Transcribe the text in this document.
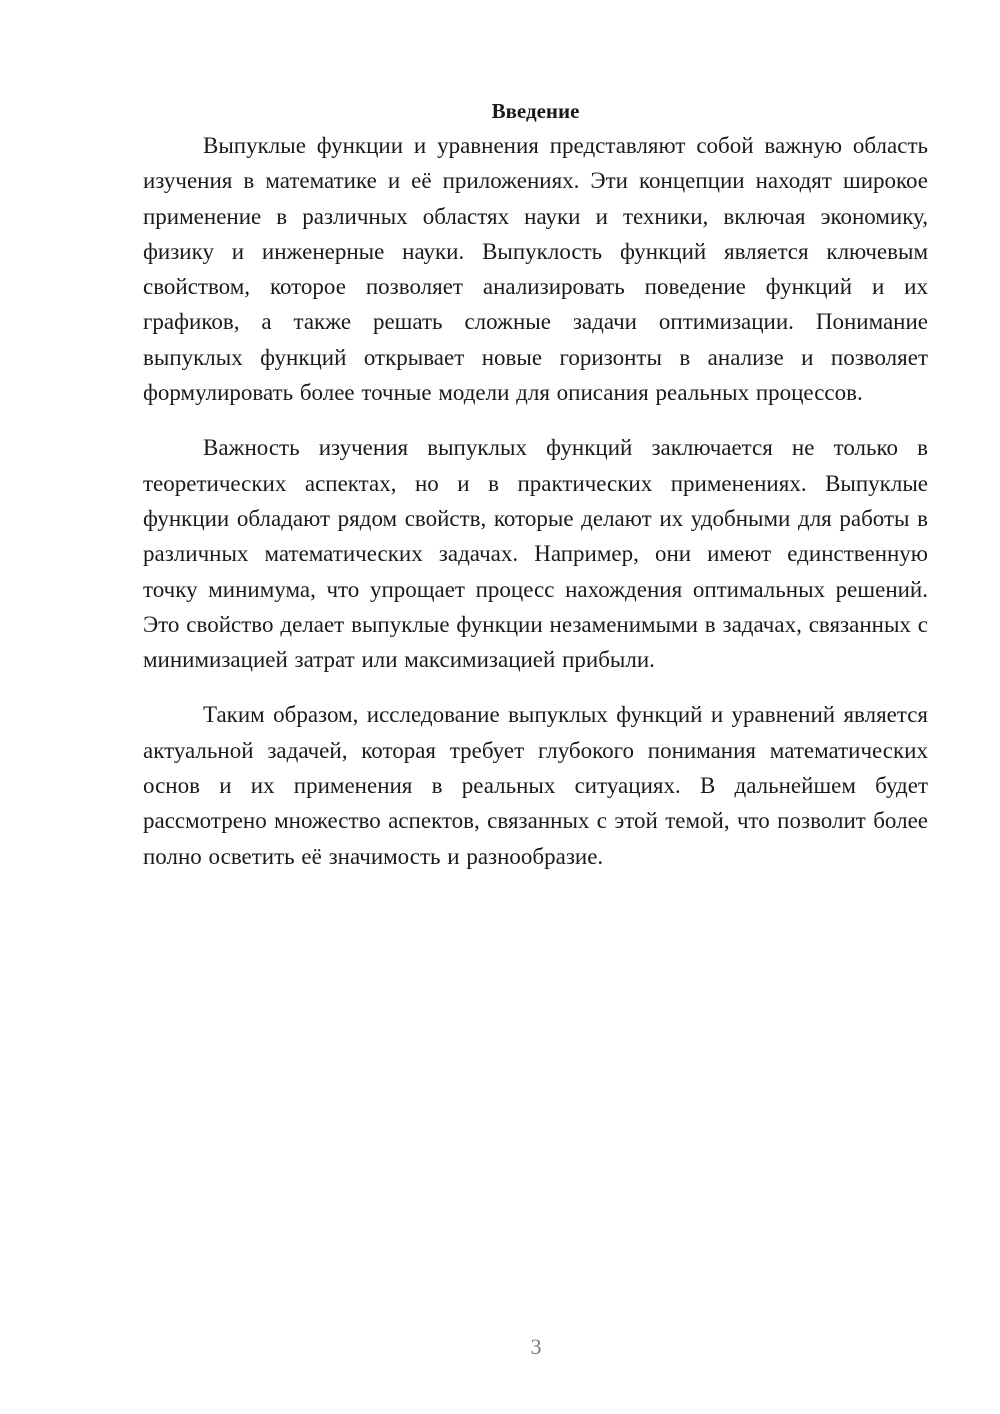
Введение

Выпуклые функции и уравнения представляют собой важную область изучения в математике и её приложениях. Эти концепции находят широкое применение в различных областях науки и техники, включая экономику, физику и инженерные науки. Выпуклость функций является ключевым свойством, которое позволяет анализировать поведение функций и их графиков, а также решать сложные задачи оптимизации. Понимание выпуклых функций открывает новые горизонты в анализе и позволяет формулировать более точные модели для описания реальных процессов.

Важность изучения выпуклых функций заключается не только в теоретических аспектах, но и в практических применениях. Выпуклые функции обладают рядом свойств, которые делают их удобными для работы в различных математических задачах. Например, они имеют единственную точку минимума, что упрощает процесс нахождения оптимальных решений. Это свойство делает выпуклые функции незаменимыми в задачах, связанных с минимизацией затрат или максимизацией прибыли.

Таким образом, исследование выпуклых функций и уравнений является актуальной задачей, которая требует глубокого понимания математических основ и их применения в реальных ситуациях. В дальнейшем будет рассмотрено множество аспектов, связанных с этой темой, что позволит более полно осветить её значимость и разнообразие.

3
